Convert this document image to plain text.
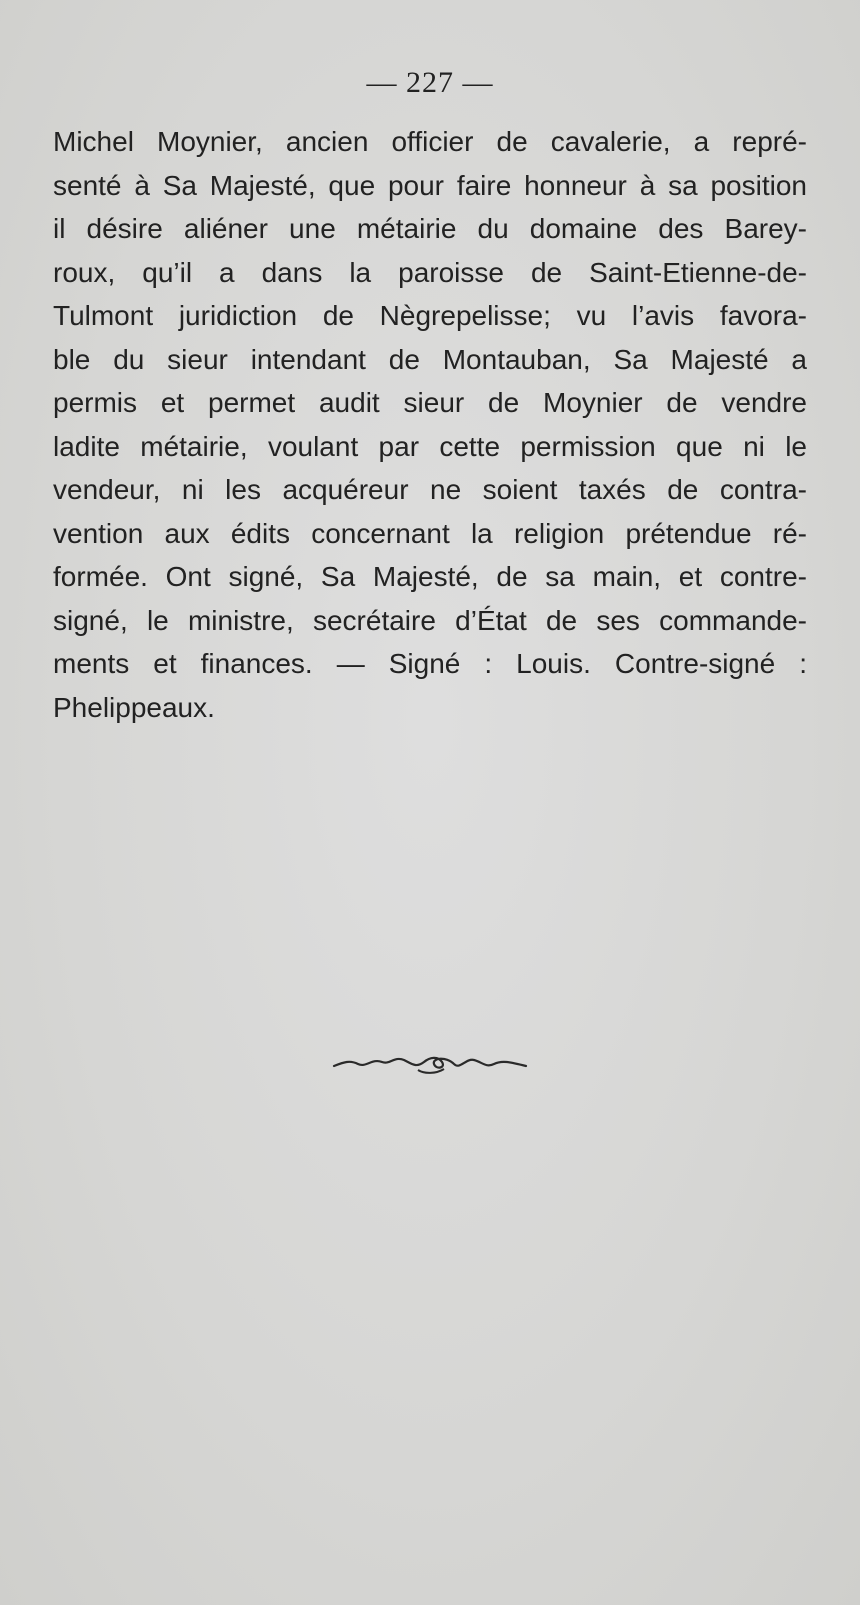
— 227 —
Michel Moynier, ancien officier de cavalerie, a repré-
senté à Sa Majesté, que pour faire honneur à sa position
il désire aliéner une métairie du domaine des Barey-
roux, qu’il a dans la paroisse de Saint-Etienne-de-
Tulmont juridiction de Nègrepelisse; vu l’avis favora-
ble du sieur intendant de Montauban, Sa Majesté a
permis et permet audit sieur de Moynier de vendre
ladite métairie, voulant par cette permission que ni le
vendeur, ni les acquéreur ne soient taxés de contra-
vention aux édits concernant la religion prétendue ré-
formée. Ont signé, Sa Majesté, de sa main, et contre-
signé, le ministre, secrétaire d’État de ses commande-
ments et finances. — Signé : Louis. Contre-signé :
Phelippeaux.
